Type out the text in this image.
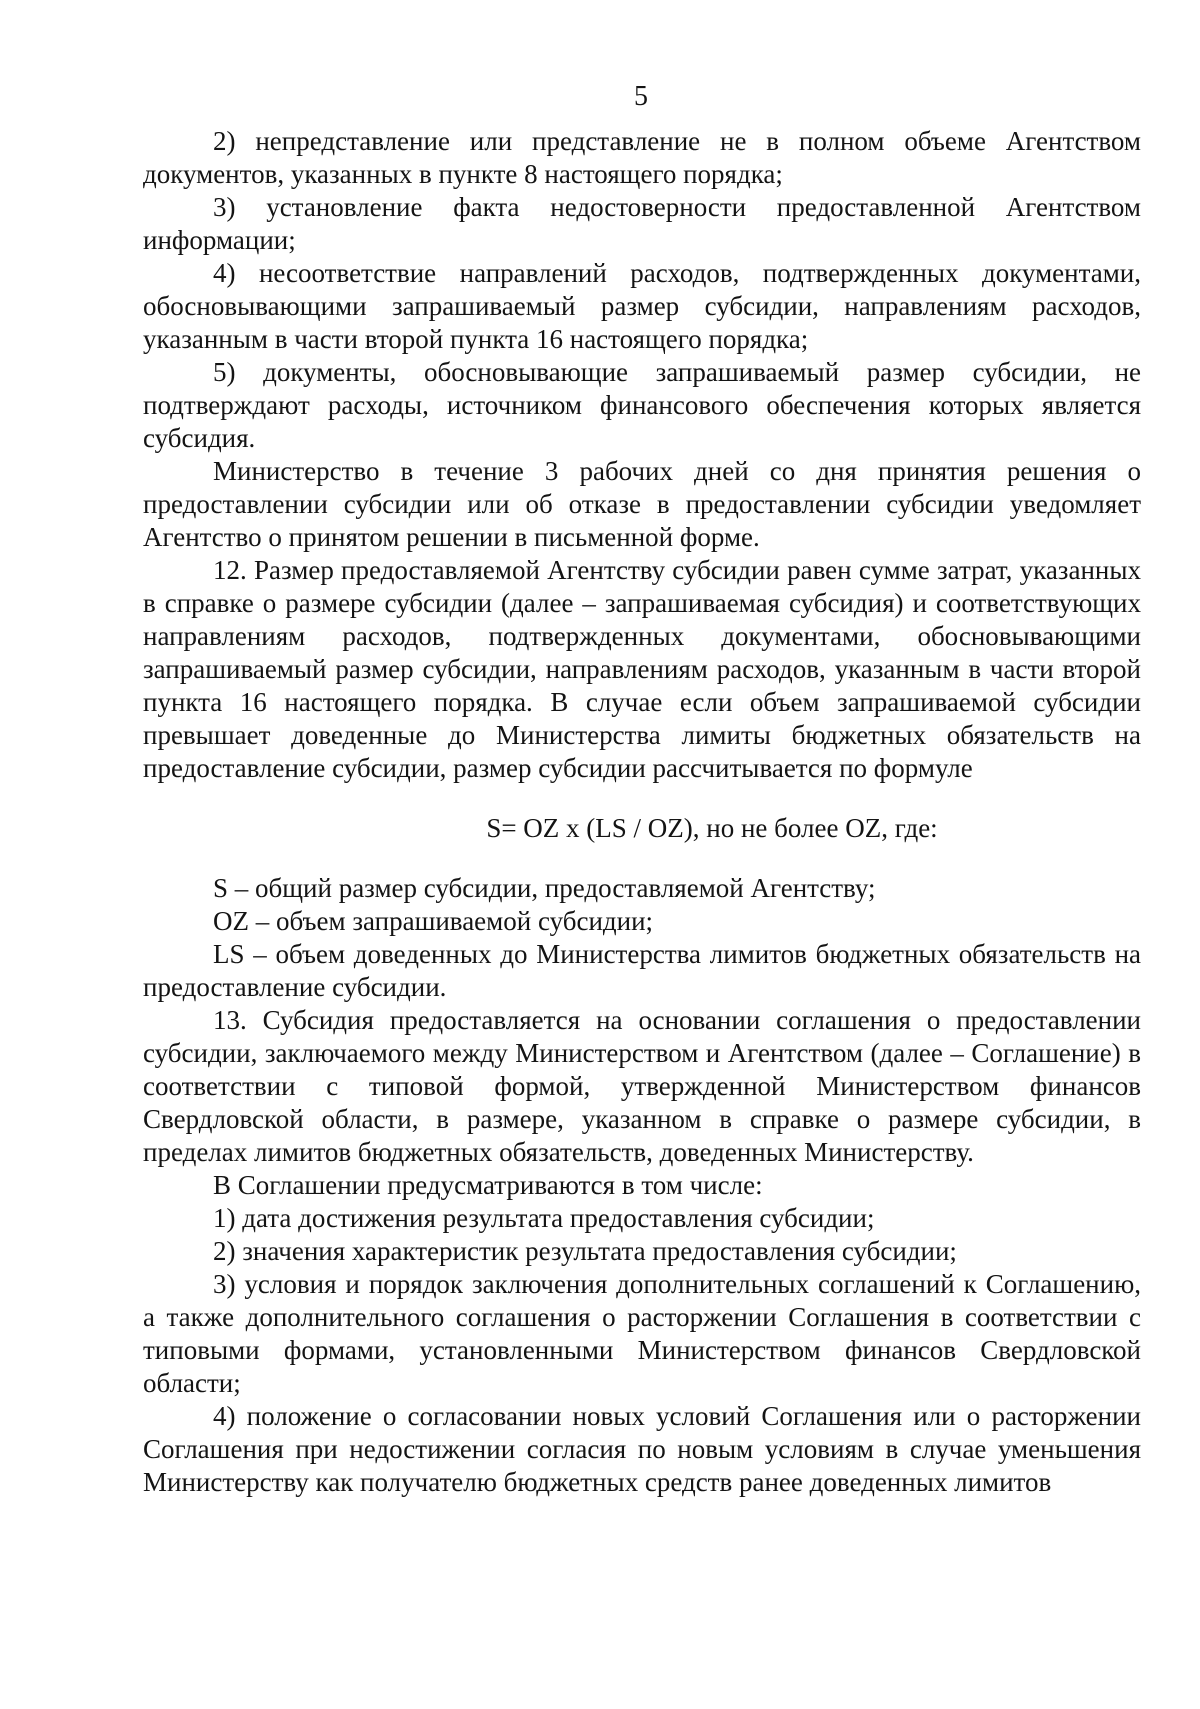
5

2) непредставление или представление не в полном объеме Агентством документов, указанных в пункте 8 настоящего порядка;

3) установление факта недостоверности предоставленной Агентством информации;

4) несоответствие направлений расходов, подтвержденных документами, обосновывающими запрашиваемый размер субсидии, направлениям расходов, указанным в части второй пункта 16 настоящего порядка;

5) документы, обосновывающие запрашиваемый размер субсидии, не подтверждают расходы, источником финансового обеспечения которых является субсидия.

Министерство в течение 3 рабочих дней со дня принятия решения о предоставлении субсидии или об отказе в предоставлении субсидии уведомляет Агентство о принятом решении в письменной форме.

12. Размер предоставляемой Агентству субсидии равен сумме затрат, указанных в справке о размере субсидии (далее – запрашиваемая субсидия) и соответствующих направлениям расходов, подтвержденных документами, обосновывающими запрашиваемый размер субсидии, направлениям расходов, указанным в части второй пункта 16 настоящего порядка. В случае если объем запрашиваемой субсидии превышает доведенные до Министерства лимиты бюджетных обязательств на предоставление субсидии, размер субсидии рассчитывается по формуле

S= OZ x (LS / OZ), но не более OZ, где:

S – общий размер субсидии, предоставляемой Агентству;

OZ – объем запрашиваемой субсидии;

LS – объем доведенных до Министерства лимитов бюджетных обязательств на предоставление субсидии.

13. Субсидия предоставляется на основании соглашения о предоставлении субсидии, заключаемого между Министерством и Агентством (далее – Соглашение) в соответствии с типовой формой, утвержденной Министерством финансов Свердловской области, в размере, указанном в справке о размере субсидии, в пределах лимитов бюджетных обязательств, доведенных Министерству.

В Соглашении предусматриваются в том числе:

1) дата достижения результата предоставления субсидии;

2) значения характеристик результата предоставления субсидии;

3) условия и порядок заключения дополнительных соглашений к Соглашению, а также дополнительного соглашения о расторжении Соглашения в соответствии с типовыми формами, установленными Министерством финансов Свердловской области;

4) положение о согласовании новых условий Соглашения или о расторжении Соглашения при недостижении согласия по новым условиям в случае уменьшения Министерству как получателю бюджетных средств ранее доведенных лимитов
